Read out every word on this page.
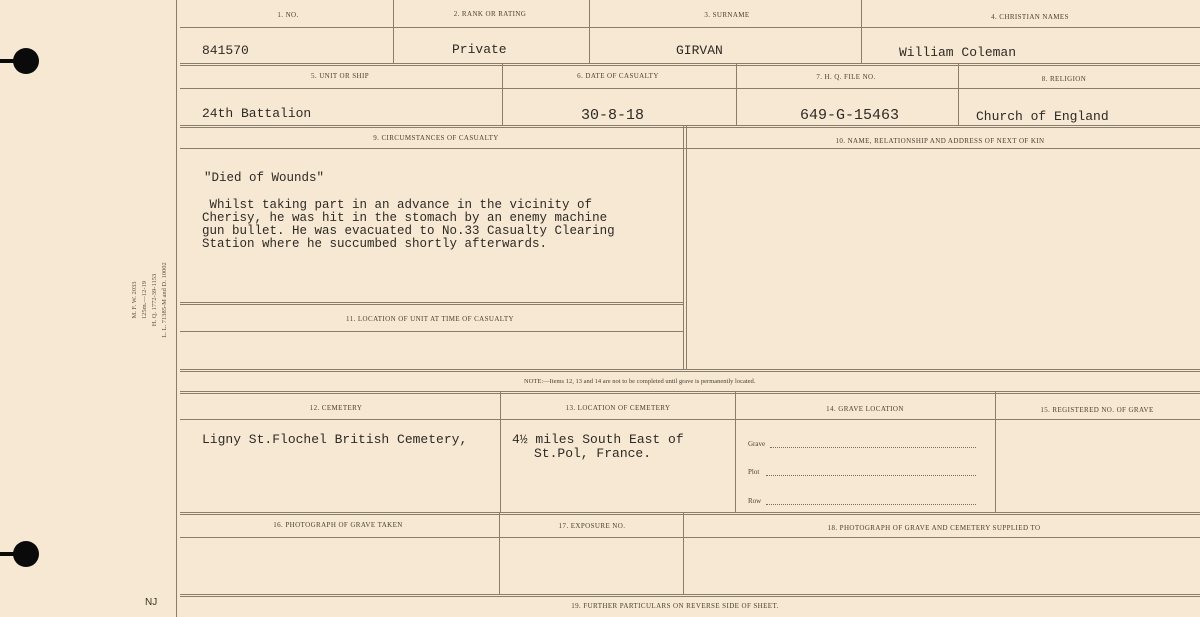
M. F. W. 2033 125m.—12-19 H. Q. 1772-39-1153 L. L. 71385-M and D. 10002
NJ
1. NO.	2. RANK OR RATING	3. SURNAME	4. CHRISTIAN NAMES
841570	Private	GIRVAN	William Coleman
5. UNIT OR SHIP	6. DATE OF CASUALTY	7. H. Q. FILE NO.	8. RELIGION
24th Battalion	30-8-18	649-G-15463	Church of England
9. CIRCUMSTANCES OF CASUALTY	10. NAME, RELATIONSHIP AND ADDRESS OF NEXT OF KIN
"Died of Wounds"
Whilst taking part in an advance in the vicinity of
Cherisy, he was hit in the stomach by an enemy machine
gun bullet. He was evacuated to No.33 Casualty Clearing
Station where he succumbed shortly afterwards.
11. LOCATION OF UNIT AT TIME OF CASUALTY
NOTE:—Items 12, 13 and 14 are not to be completed until grave is permanently located.
12. CEMETERY	13. LOCATION OF CEMETERY	14. GRAVE LOCATION	15. REGISTERED NO. OF GRAVE
Ligny St.Flochel British Cemetery,	4½ miles South East of
St.Pol, France.
Grave
Plot
Row
16. PHOTOGRAPH OF GRAVE TAKEN	17. EXPOSURE NO.	18. PHOTOGRAPH OF GRAVE AND CEMETERY SUPPLIED TO
19. FURTHER PARTICULARS ON REVERSE SIDE OF SHEET.
